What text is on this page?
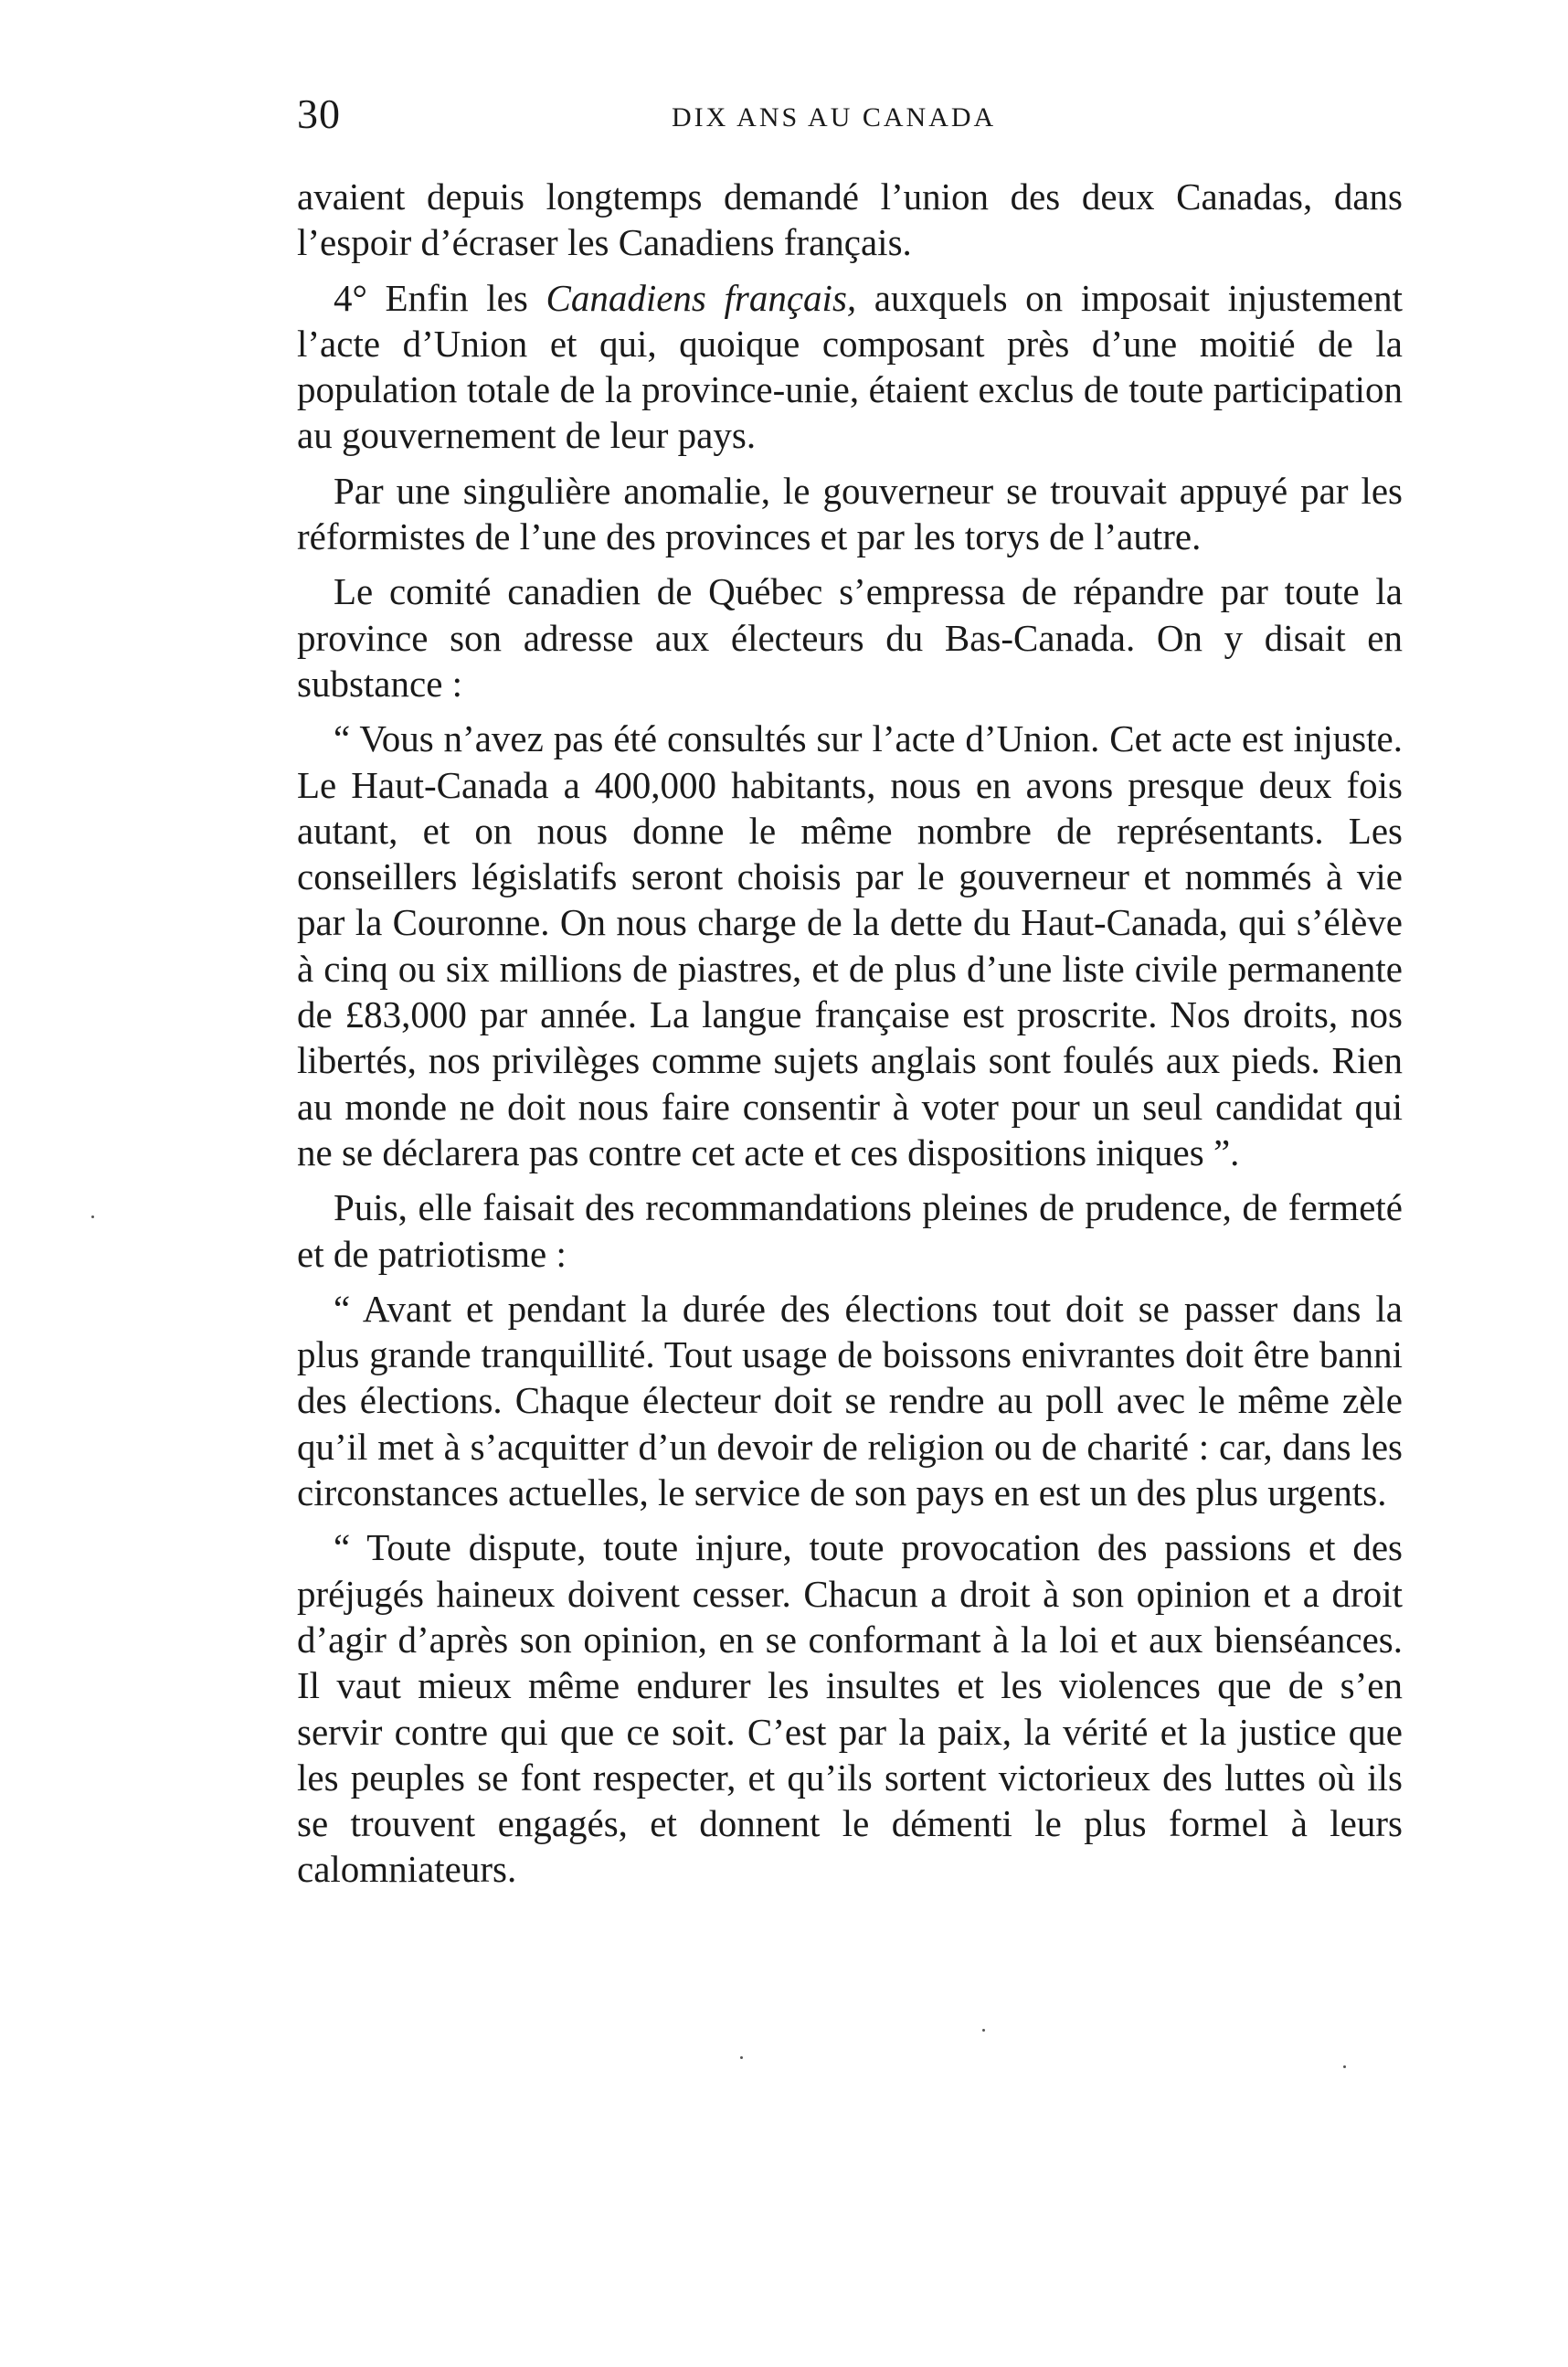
30	DIX ANS AU CANADA

avaient depuis longtemps demandé l’union des deux Canadas, dans l’espoir d’écraser les Canadiens français.

4° Enfin les Canadiens français, auxquels on imposait injustement l’acte d’Union et qui, quoique composant près d’une moitié de la population totale de la province-unie, étaient exclus de toute participation au gouvernement de leur pays.

Par une singulière anomalie, le gouverneur se trouvait appuyé par les réformistes de l’une des provinces et par les torys de l’autre.

Le comité canadien de Québec s’empressa de répandre par toute la province son adresse aux électeurs du Bas-Canada. On y disait en substance :

“ Vous n’avez pas été consultés sur l’acte d’Union. Cet acte est injuste. Le Haut-Canada a 400,000 habitants, nous en avons presque deux fois autant, et on nous donne le même nombre de représentants. Les conseillers législatifs seront choisis par le gouverneur et nommés à vie par la Couronne. On nous charge de la dette du Haut-Canada, qui s’élève à cinq ou six millions de piastres, et de plus d’une liste civile permanente de £83,000 par année. La langue française est proscrite. Nos droits, nos libertés, nos privilèges comme sujets anglais sont foulés aux pieds. Rien au monde ne doit nous faire consentir à voter pour un seul candidat qui ne se déclarera pas contre cet acte et ces dispositions iniques ”.

Puis, elle faisait des recommandations pleines de prudence, de fermeté et de patriotisme :

“ Avant et pendant la durée des élections tout doit se passer dans la plus grande tranquillité. Tout usage de boissons enivrantes doit être banni des élections. Chaque électeur doit se rendre au poll avec le même zèle qu’il met à s’acquitter d’un devoir de religion ou de charité : car, dans les circonstances actuelles, le service de son pays en est un des plus urgents.

“ Toute dispute, toute injure, toute provocation des passions et des préjugés haineux doivent cesser. Chacun a droit à son opinion et a droit d’agir d’après son opinion, en se conformant à la loi et aux bienséances. Il vaut mieux même endurer les insultes et les violences que de s’en servir contre qui que ce soit. C’est par la paix, la vérité et la justice que les peuples se font respecter, et qu’ils sortent victorieux des luttes où ils se trouvent engagés, et donnent le démenti le plus formel à leurs calomniateurs.
